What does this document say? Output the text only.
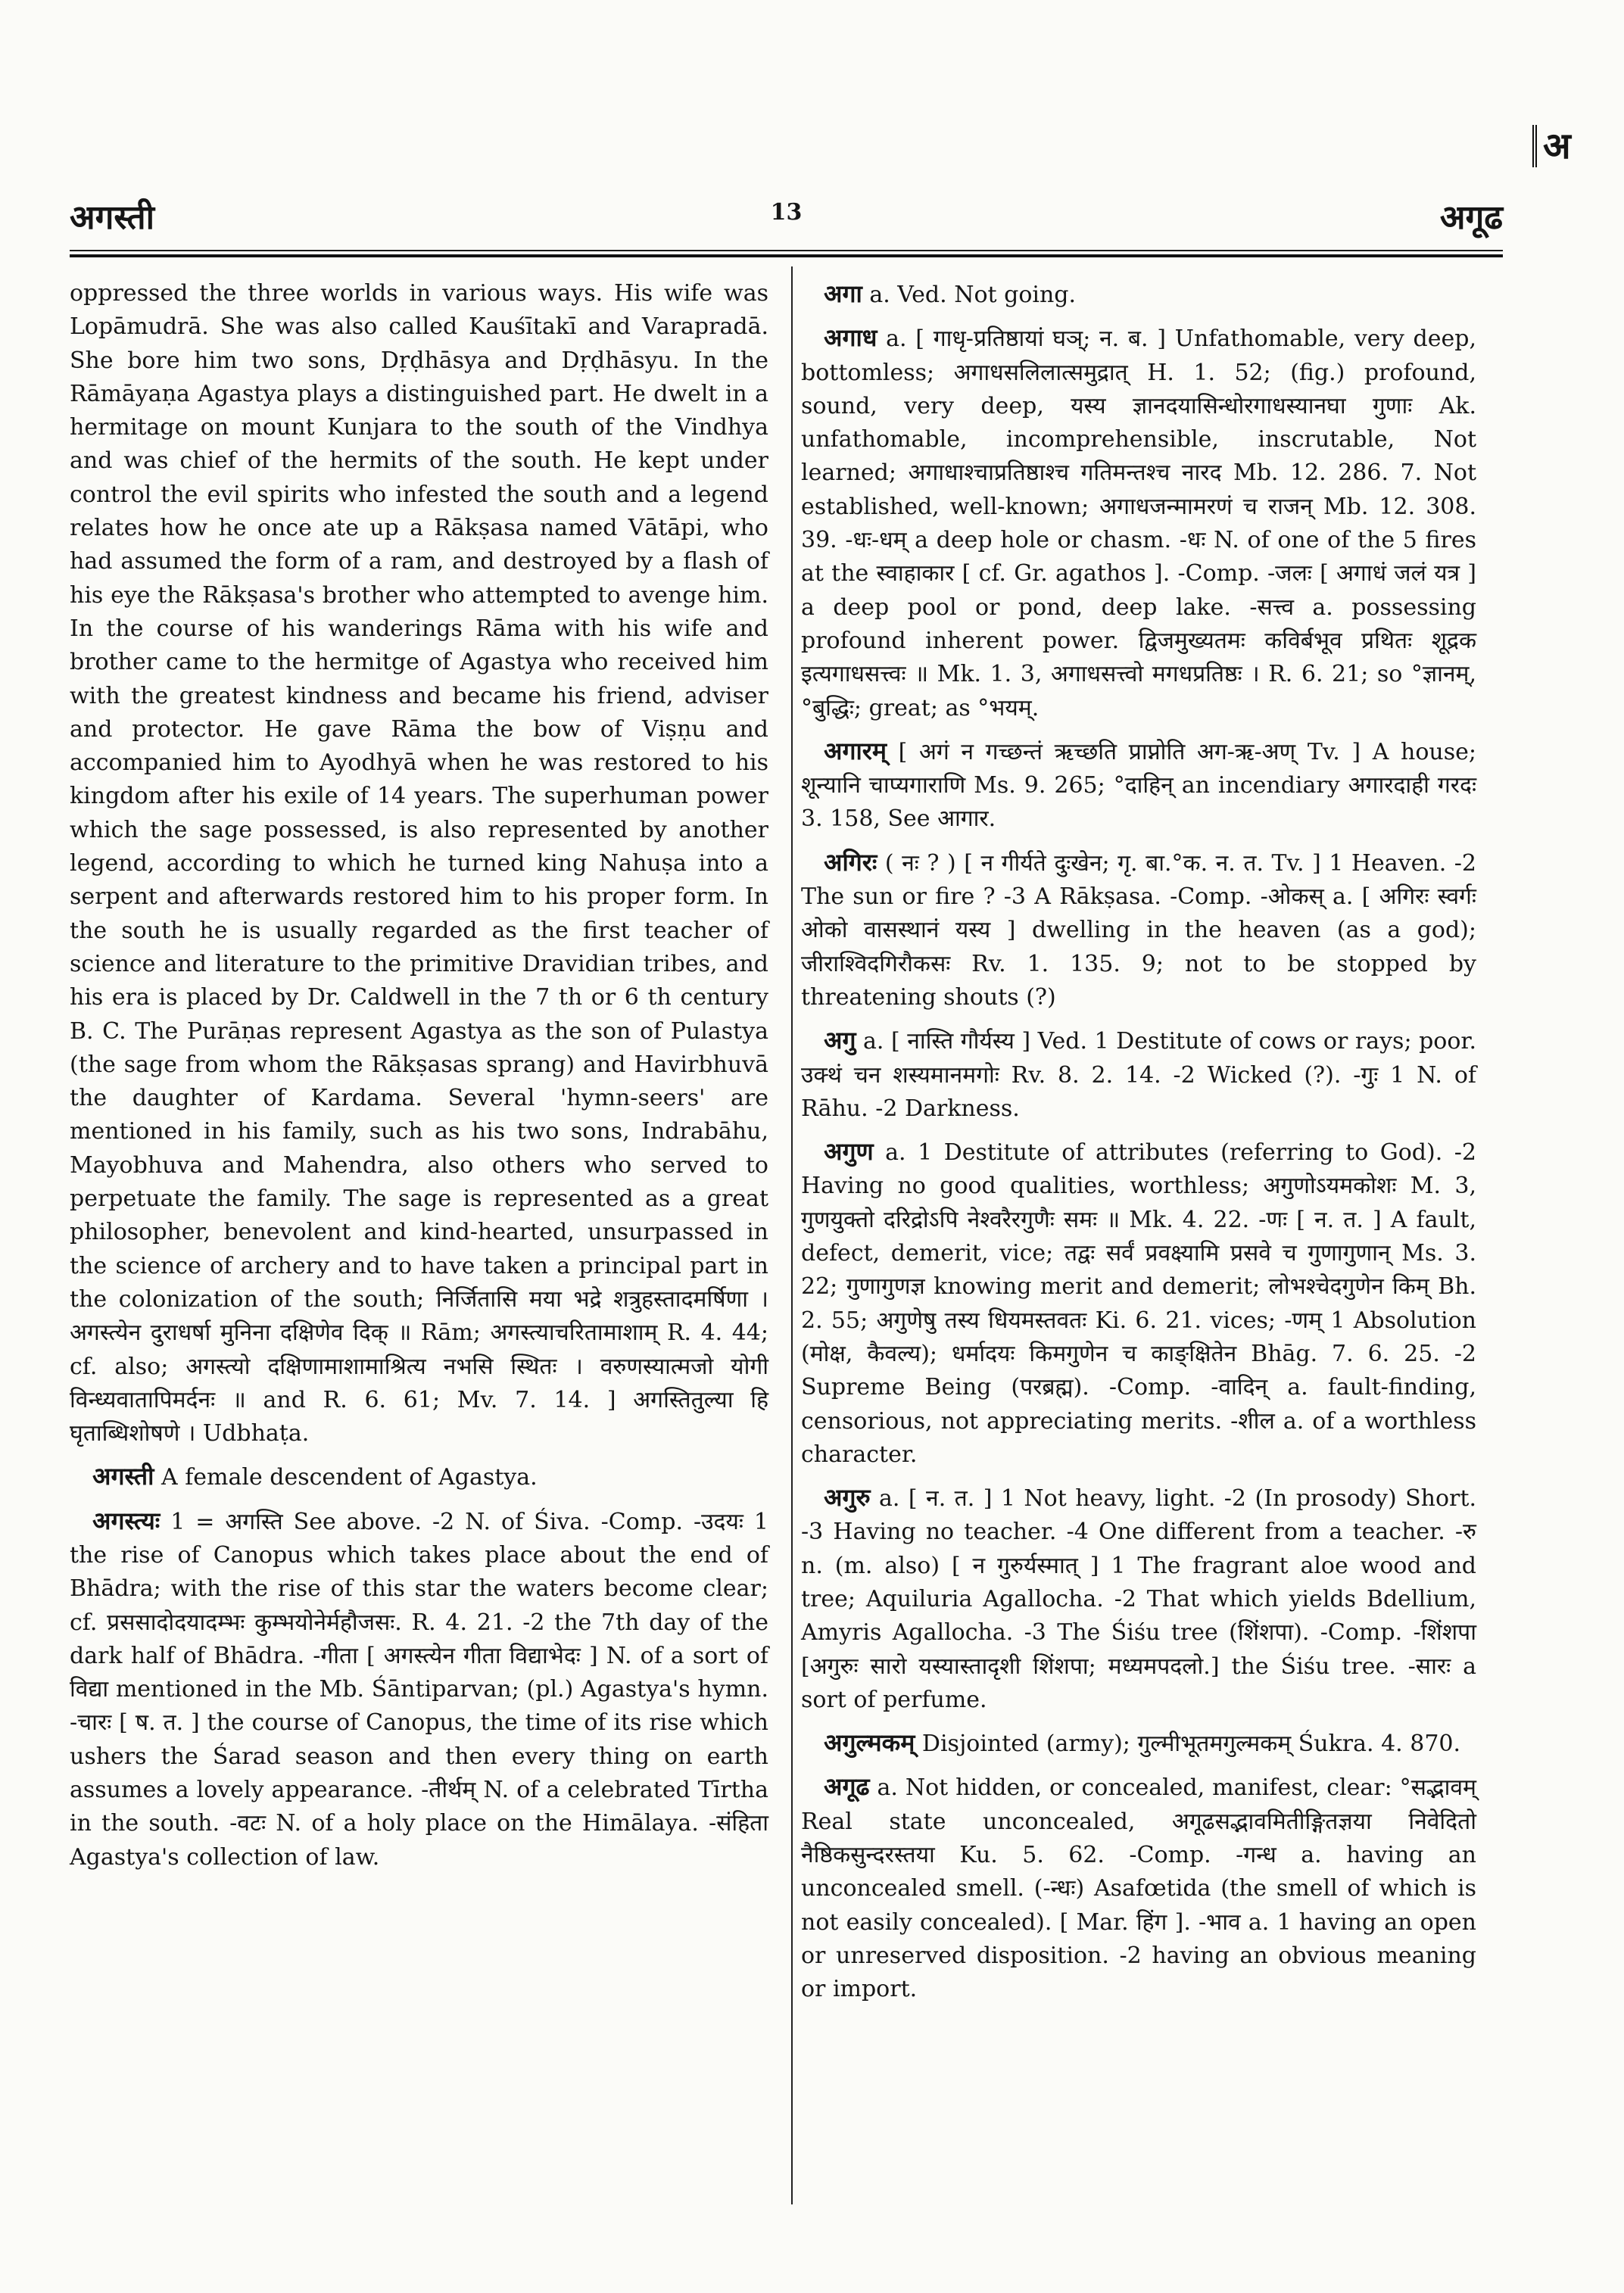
अगस्ती	13	अगूढ
अ

oppressed the three worlds in various ways. His wife was Lopāmudrā. She was also called Kauśītakī and Varapradā. She bore him two sons, Dṛḍhāsya and Dṛḍhāsyu. In the Rāmāyaṇa Agastya plays a distinguished part. He dwelt in a hermitage on mount Kunjara to the south of the Vindhya and was chief of the hermits of the south. He kept under control the evil spirits who infested the south and a legend relates how he once ate up a Rākṣasa named Vātāpi, who had assumed the form of a ram, and destroyed by a flash of his eye the Rākṣasa's brother who attempted to avenge him. In the course of his wanderings Rāma with his wife and brother came to the hermitge of Agastya who received him with the greatest kindness and became his friend, adviser and protector. He gave Rāma the bow of Viṣṇu and accompanied him to Ayodhyā when he was restored to his kingdom after his exile of 14 years. The superhuman power which the sage possessed, is also represented by another legend, according to which he turned king Nahuṣa into a serpent and afterwards restored him to his proper form. In the south he is usually regarded as the first teacher of science and literature to the primitive Dravidian tribes, and his era is placed by Dr. Caldwell in the 7 th or 6 th century B. C. The Purāṇas represent Agastya as the son of Pulastya (the sage from whom the Rākṣasas sprang) and Havirbhuvā the daughter of Kardama. Several 'hymn-seers' are mentioned in his family, such as his two sons, Indrabāhu, Mayobhuva and Mahendra, also others who served to perpetuate the family. The sage is represented as a great philosopher, benevolent and kind-hearted, unsurpassed in the science of archery and to have taken a principal part in the colonization of the south; निर्जितासि मया भद्रे शत्रुहस्तादमर्षिणा । अगस्त्येन दुराधर्षा मुनिना दक्षिणेव दिक् ॥ Rām; अगस्त्याचरितामाशाम् R. 4. 44; cf. also; अगस्त्यो दक्षिणामाशामाश्रित्य नभसि स्थितः । वरुणस्यात्मजो योगी विन्ध्यवातापिमर्दनः ॥ and R. 6. 61; Mv. 7. 14. ] अगस्तितुल्या हि घृताब्धिशोषणे । Udbhaṭa.

अगस्ती A female descendent of Agastya.

अगस्त्यः 1 = अगस्ति See above. -2 N. of Śiva. -Comp. -उदयः 1 the rise of Canopus which takes place about the end of Bhādra; with the rise of this star the waters become clear; cf. प्रससादोदयादम्भः कुम्भयोनेर्महौजसः. R. 4. 21. -2 the 7th day of the dark half of Bhādra. -गीता [ अगस्त्येन गीता विद्याभेदः ] N. of a sort of विद्या mentioned in the Mb. Śāntiparvan; (pl.) Agastya's hymn. -चारः [ ष. त. ] the course of Canopus, the time of its rise which ushers the Śarad season and then every thing on earth assumes a lovely appearance. -तीर्थम् N. of a celebrated Tīrtha in the south. -वटः N. of a holy place on the Himālaya. -संहिता Agastya's collection of law.

अगा a. Ved. Not going.

अगाध a. [ गाधृ-प्रतिष्ठायां घञ्; न. ब. ] Unfathomable, very deep, bottomless; अगाधसलिलात्समुद्रात् H. 1. 52; (fig.) profound, sound, very deep, यस्य ज्ञानदयासिन्धोरगाधस्यानघा गुणाः Ak. unfathomable, incomprehensible, inscrutable, Not learned; अगाधाश्चाप्रतिष्ठाश्च गतिमन्तश्च नारद Mb. 12. 286. 7. Not established, well-known; अगाधजन्मामरणं च राजन् Mb. 12. 308. 39. -धः-धम् a deep hole or chasm. -धः N. of one of the 5 fires at the स्वाहाकार [ cf. Gr. agathos ]. -Comp. -जलः [ अगाधं जलं यत्र ] a deep pool or pond, deep lake. -सत्त्व a. possessing profound inherent power. द्विजमुख्यतमः कविर्बभूव प्रथितः शूद्रक इत्यगाधसत्त्वः ॥ Mk. 1. 3, अगाधसत्त्वो मगधप्रतिष्ठः । R. 6. 21; so °ज्ञानम्, °बुद्धिः; great; as °भयम्.

अगारम् [ अगं न गच्छन्तं ऋच्छति प्राप्नोति अग-ऋ-अण् Tv. ] A house; शून्यानि चाप्यगाराणि Ms. 9. 265; °दाहिन् an incendiary अगारदाही गरदः 3. 158, See आगार.

अगिरः ( नः ? ) [ न गीर्यते दुःखेन; गृ. बा.°क. न. त. Tv. ] 1 Heaven. -2 The sun or fire ? -3 A Rākṣasa. -Comp. -ओकस् a. [ अगिरः स्वर्गः ओको वासस्थानं यस्य ] dwelling in the heaven (as a god); जीराश्विदगिरौकसः Rv. 1. 135. 9; not to be stopped by threatening shouts (?)

अगु a. [ नास्ति गौर्यस्य ] Ved. 1 Destitute of cows or rays; poor. उक्थं चन शस्यमानमगोः Rv. 8. 2. 14. -2 Wicked (?). -गुः 1 N. of Rāhu. -2 Darkness.

अगुण a. 1 Destitute of attributes (referring to God). -2 Having no good qualities, worthless; अगुणोऽयमकोशः M. 3, गुणयुक्तो दरिद्रोऽपि नेश्वरैरगुणैः समः ॥ Mk. 4. 22. -णः [ न. त. ] A fault, defect, demerit, vice; तद्वः सर्वं प्रवक्ष्यामि प्रसवे च गुणागुणान् Ms. 3. 22; गुणागुणज्ञ knowing merit and demerit; लोभश्चेदगुणेन किम् Bh. 2. 55; अगुणेषु तस्य धियमस्तवतः Ki. 6. 21. vices; -णम् 1 Absolution (मोक्ष, कैवल्य); धर्मादयः किमगुणेन च काङ्क्षितेन Bhāg. 7. 6. 25. -2 Supreme Being (परब्रह्म). -Comp. -वादिन् a. fault-finding, censorious, not appreciating merits. -शील a. of a worthless character.

अगुरु a. [ न. त. ] 1 Not heavy, light. -2 (In prosody) Short. -3 Having no teacher. -4 One different from a teacher. -रु n. (m. also) [ न गुरुर्यस्मात् ] 1 The fragrant aloe wood and tree; Aquiluria Agallocha. -2 That which yields Bdellium, Amyris Agallocha. -3 The Śiśu tree (शिंशपा). -Comp. -शिंशपा [अगुरुः सारो यस्यास्तादृशी शिंशपा; मध्यमपदलो.] the Śiśu tree. -सारः a sort of perfume.

अगुल्मकम् Disjointed (army); गुल्मीभूतमगुल्मकम् Śukra. 4. 870.

अगूढ a. Not hidden, or concealed, manifest, clear: °सद्भावम् Real state unconcealed, अगूढसद्भावमितीङ्गितज्ञया निवेदितो नैष्ठिकसुन्दरस्तया Ku. 5. 62. -Comp. -गन्ध a. having an unconcealed smell. (-न्धः) Asafœtida (the smell of which is not easily concealed). [ Mar. हिंग ]. -भाव a. 1 having an open or unreserved disposition. -2 having an obvious meaning or import.
